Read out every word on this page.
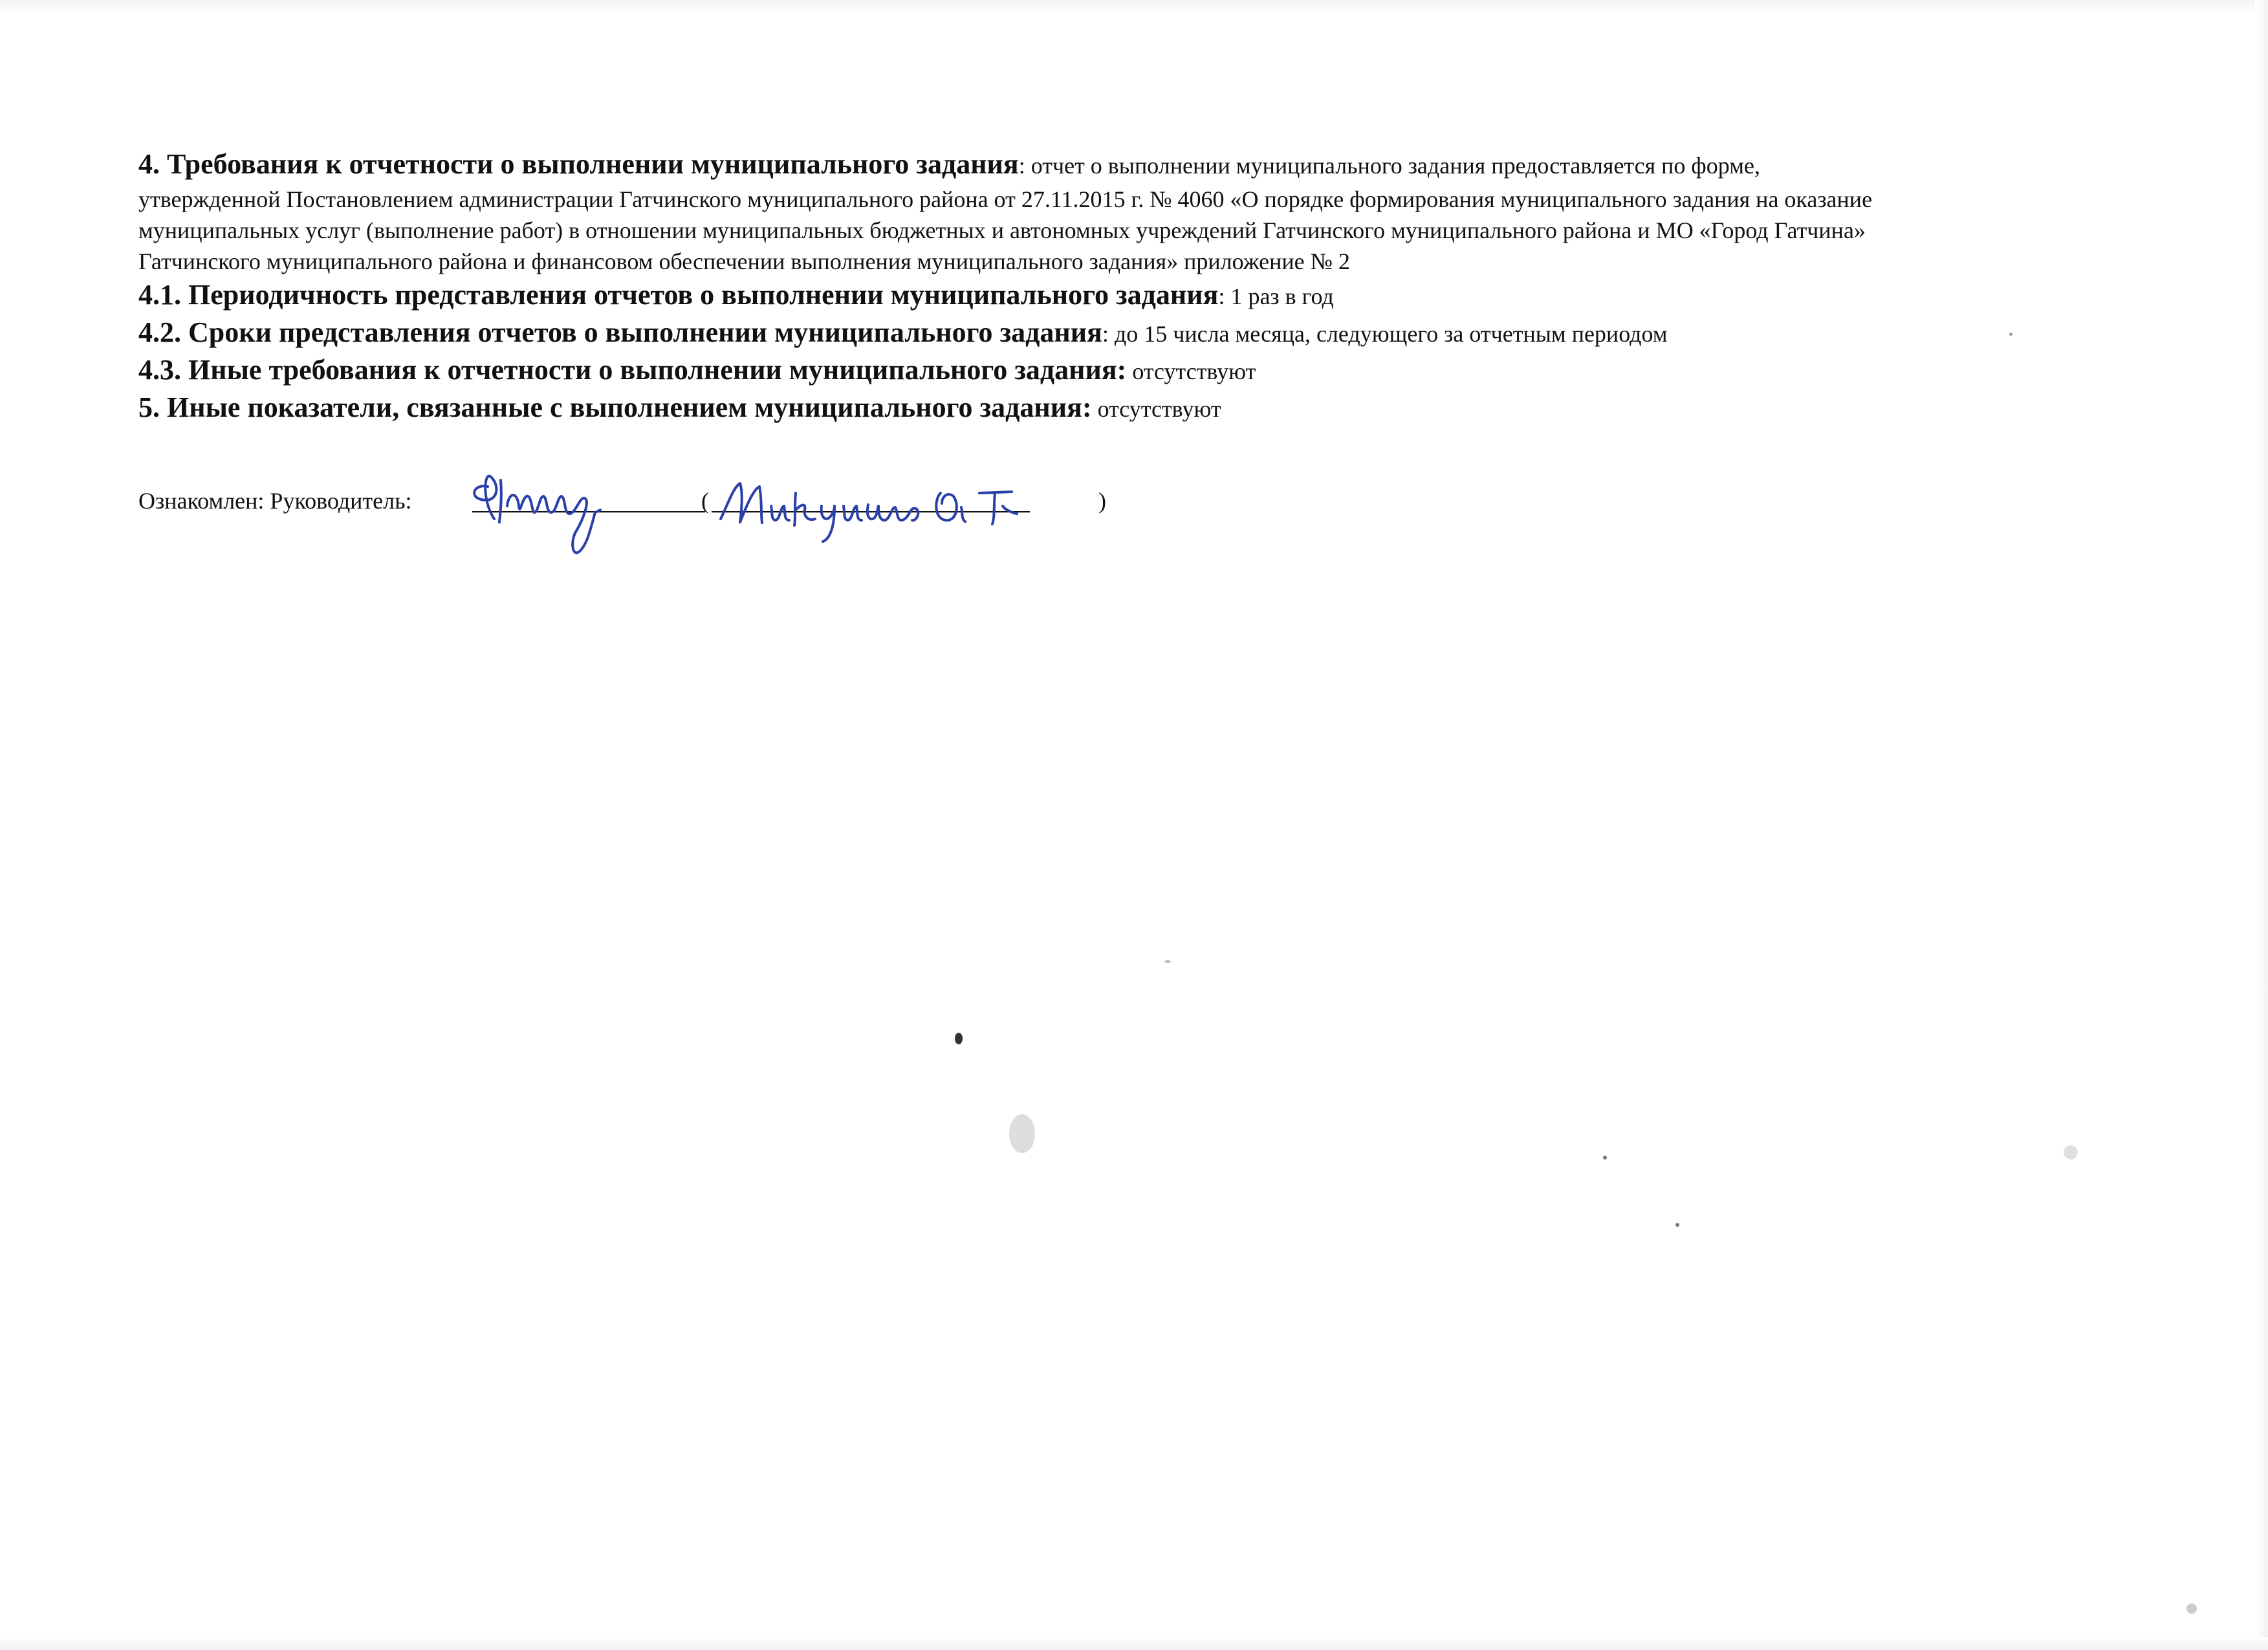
4. Требования к отчетности о выполнении муниципального задания: отчет о выполнении муниципального задания предоставляется по форме,
утвержденной Постановлением администрации Гатчинского муниципального района от 27.11.2015 г. № 4060 «О порядке формирования муниципального задания на оказание
муниципальных услуг (выполнение работ) в отношении муниципальных бюджетных и автономных учреждений Гатчинского муниципального района и МО «Город Гатчина»
Гатчинского муниципального района и финансовом обеспечении выполнения муниципального задания» приложение № 2
4.1. Периодичность представления отчетов о выполнении муниципального задания: 1 раз в год
4.2. Сроки представления отчетов о выполнении муниципального задания: до 15 числа месяца, следующего за отчетным периодом
4.3. Иные требования к отчетности о выполнении муниципального задания: отсутствуют
5. Иные показатели, связанные с выполнением муниципального задания: отсутствуют
Ознакомлен: Руководитель:	(	)
